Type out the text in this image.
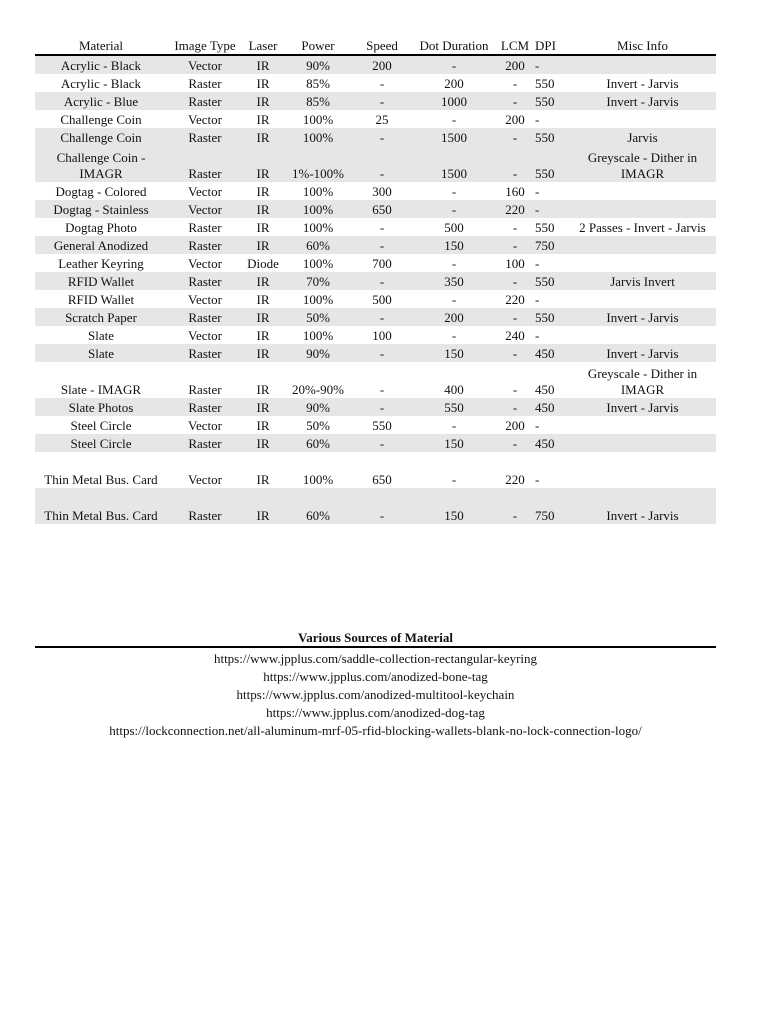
Material	Image Type	Laser	Power	Speed	Dot Duration	LCM	DPI	Misc Info
Acrylic - Black	Vector	IR	90%	200	-	200	-	
Acrylic - Black	Raster	IR	85%	-	200	-	550	Invert - Jarvis
Acrylic - Blue	Raster	IR	85%	-	1000	-	550	Invert - Jarvis
Challenge Coin	Vector	IR	100%	25	-	200	-	
Challenge Coin	Raster	IR	100%	-	1500	-	550	Jarvis
Challenge Coin - IMAGR	Raster	IR	1%-100%	-	1500	-	550	Greyscale - Dither in IMAGR
Dogtag - Colored	Vector	IR	100%	300	-	160	-	
Dogtag - Stainless	Vector	IR	100%	650	-	220	-	
Dogtag Photo	Raster	IR	100%	-	500	-	550	2 Passes - Invert - Jarvis
General Anodized	Raster	IR	60%	-	150	-	750	
Leather Keyring	Vector	Diode	100%	700	-	100	-	
RFID Wallet	Raster	IR	70%	-	350	-	550	Jarvis Invert
RFID Wallet	Vector	IR	100%	500	-	220	-	
Scratch Paper	Raster	IR	50%	-	200	-	550	Invert - Jarvis
Slate	Vector	IR	100%	100	-	240	-	
Slate	Raster	IR	90%	-	150	-	450	Invert - Jarvis
Slate - IMAGR	Raster	IR	20%-90%	-	400	-	450	Greyscale - Dither in IMAGR
Slate Photos	Raster	IR	90%	-	550	-	450	Invert - Jarvis
Steel Circle	Vector	IR	50%	550	-	200	-	
Steel Circle	Raster	IR	60%	-	150	-	450	
Thin Metal Bus. Card	Vector	IR	100%	650	-	220	-	
Thin Metal Bus. Card	Raster	IR	60%	-	150	-	750	Invert - Jarvis
Various Sources of Material
https://www.jpplus.com/saddle-collection-rectangular-keyring
https://www.jpplus.com/anodized-bone-tag
https://www.jpplus.com/anodized-multitool-keychain
https://www.jpplus.com/anodized-dog-tag
https://lockconnection.net/all-aluminum-mrf-05-rfid-blocking-wallets-blank-no-lock-connection-logo/
